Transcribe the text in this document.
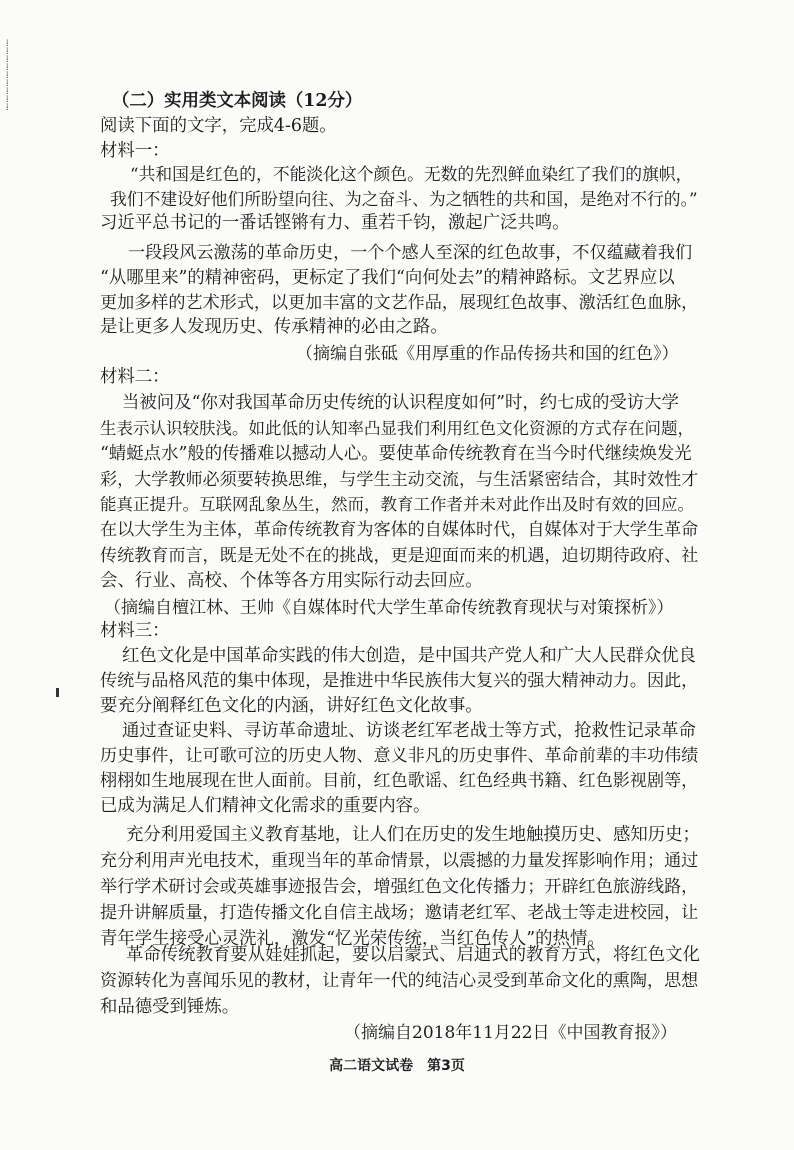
⁞
⁞
⁞
⁞
⁞
⁞
⁞
⁞
⁞	（二）实用类文本阅读（12分）
阅读下面的文字，完成4-6题。
材料一：
“共和国是红色的，不能淡化这个颜色。无数的先烈鲜血染红了我们的旗帜，
我们不建设好他们所盼望向往、为之奋斗、为之牺牲的共和国，是绝对不行的。”
习近平总书记的一番话铿锵有力、重若千钧，激起广泛共鸣。
一段段风云激荡的革命历史，一个个感人至深的红色故事，不仅蕴藏着我们
“从哪里来”的精神密码，更标定了我们“向何处去”的精神路标。文艺界应以
更加多样的艺术形式，以更加丰富的文艺作品，展现红色故事、激活红色血脉，
是让更多人发现历史、传承精神的必由之路。
（摘编自张砥《用厚重的作品传扬共和国的红色》）
材料二：
当被问及“你对我国革命历史传统的认识程度如何”时，约七成的受访大学
生表示认识较肤浅。如此低的认知率凸显我们利用红色文化资源的方式存在问题，
“蜻蜓点水”般的传播难以撼动人心。要使革命传统教育在当今时代继续焕发光
彩，大学教师必须要转换思维，与学生主动交流，与生活紧密结合，其时效性才
能真正提升。互联网乱象丛生，然而，教育工作者并未对此作出及时有效的回应。
在以大学生为主体，革命传统教育为客体的自媒体时代，自媒体对于大学生革命
传统教育而言，既是无处不在的挑战，更是迎面而来的机遇，迫切期待政府、社
会、行业、高校、个体等各方用实际行动去回应。
（摘编自檀江林、王帅《自媒体时代大学生革命传统教育现状与对策探析》）
材料三：
红色文化是中国革命实践的伟大创造，是中国共产党人和广大人民群众优良
传统与品格风范的集中体现，是推进中华民族伟大复兴的强大精神动力。因此，
要充分阐释红色文化的内涵，讲好红色文化故事。
通过查证史料、寻访革命遗址、访谈老红军老战士等方式，抢救性记录革命
历史事件，让可歌可泣的历史人物、意义非凡的历史事件、革命前辈的丰功伟绩
栩栩如生地展现在世人面前。目前，红色歌谣、红色经典书籍、红色影视剧等，
已成为满足人们精神文化需求的重要内容。
充分利用爱国主义教育基地，让人们在历史的发生地触摸历史、感知历史；
充分利用声光电技术，重现当年的革命情景，以震撼的力量发挥影响作用；通过
举行学术研讨会或英雄事迹报告会，增强红色文化传播力；开辟红色旅游线路，
提升讲解质量，打造传播文化自信主战场；邀请老红军、老战士等走进校园，让
青年学生接受心灵洗礼，激发“忆光荣传统，当红色传人”的热情。
革命传统教育要从娃娃抓起，要以启蒙式、启迪式的教育方式，将红色文化
资源转化为喜闻乐见的教材，让青年一代的纯洁心灵受到革命文化的熏陶，思想
和品德受到锤炼。
（摘编自2018年11月22日《中国教育报》）
高二语文试卷　第3页
